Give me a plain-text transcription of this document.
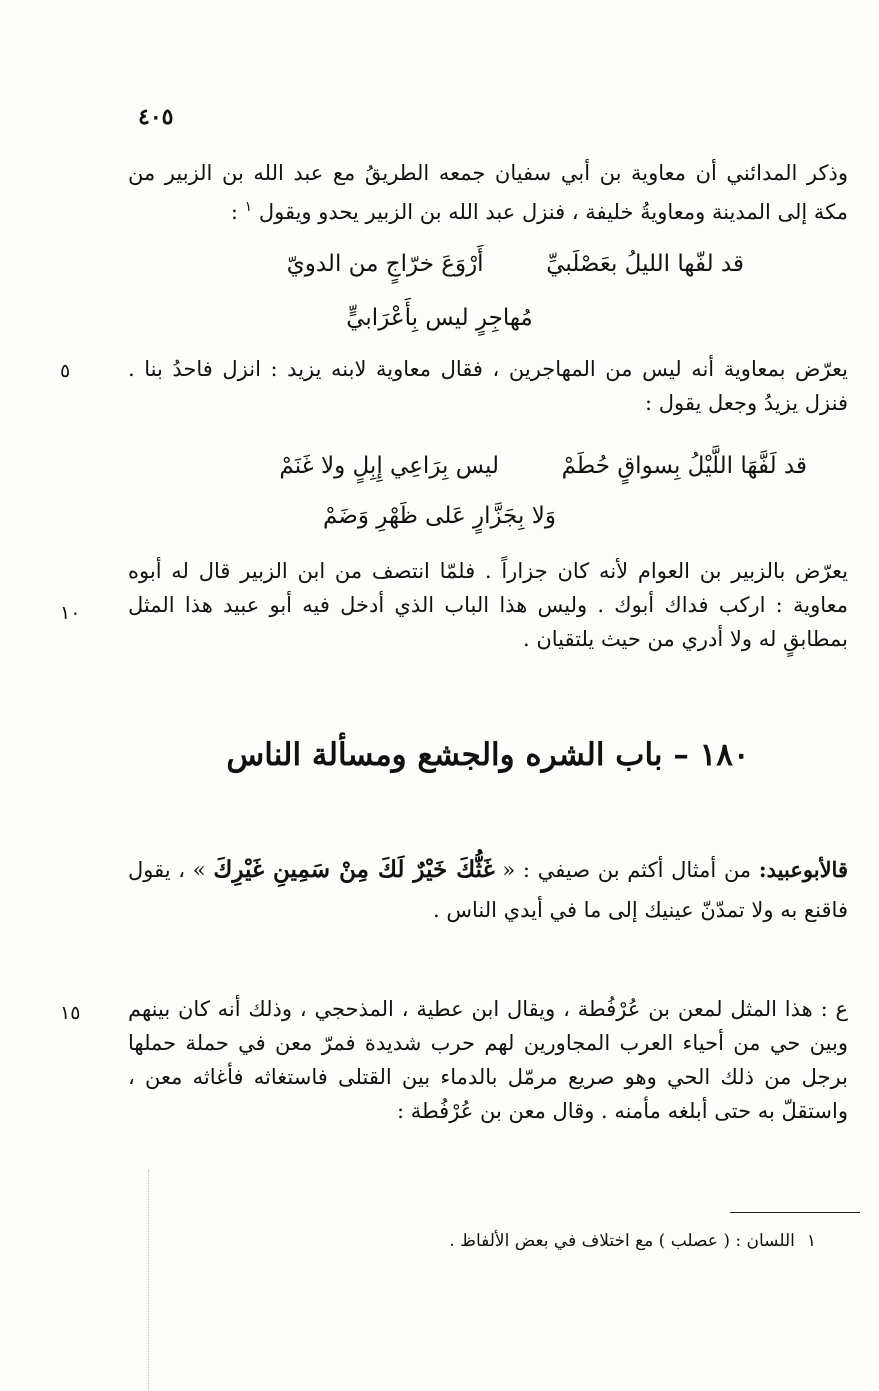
٤٠٥

وذكر المدائني أن معاوية بن أبي سفيان جمعه الطريقُ مع عبد الله بن الزبير من مكة إلى المدينة ومعاويةُ خليفة ، فنزل عبد الله بن الزبير يحدو ويقول $^١$ :

قد لفّها الليلُ بعَصْلَبيِّ  أَرْوَعَ خرّاجٍ من الدويّ
مُهاجِرٍ ليس بِأَعْرَابيٍّ
٥	يعرّض بمعاوية أنه ليس من المهاجرين ، فقال معاوية لابنه يزيد : انزل فاحدُ بنا . فنزل يزيدُ وجعل يقول :

قد لَفَّهَا اللَّيْلُ بِسواقٍ حُطَمْ  ليس بِرَاعِي إِبِلٍ ولا غَنَمْ
وَلا بِجَزَّارٍ عَلى ظَهْرِ وَضَمْ
١٠

يعرّض بالزبير بن العوام لأنه كان جزاراً . فلمّا انتصف من ابن الزبير قال له أبوه معاوية : اركب فداك أبوك . وليس هذا الباب الذي أدخل فيه أبو عبيد هذا المثل بمطابقٍ له ولا أدري من حيث يلتقيان .

١٨٠ – باب الشره والجشع ومسألة الناس

قالأبوعبيد: من أمثال أكثم بن صيفي : « غَثُّكَ خَيْرٌ لَكَ مِنْ سَمِينِ غَيْرِكَ » ، يقول فاقنع به ولا تمدّنّ عينيك إلى ما في أيدي الناس .

١٥	ع : هذا المثل لمعن بن عُرْفُطة ، ويقال ابن عطية ، المذحجي ، وذلك أنه كان بينهم وبين حي من أحياء العرب المجاورين لهم حرب شديدة فمرّ معن في حملة حملها برجل من ذلك الحي وهو صريع مرمّل بالدماء بين القتلى فاستغاثه فأغاثه معن ، واستقلّ به حتى أبلغه مأمنه . وقال معن بن عُرْفُطة :

١اللسان : ( عصلب ) مع اختلاف في بعض الألفاظ .
